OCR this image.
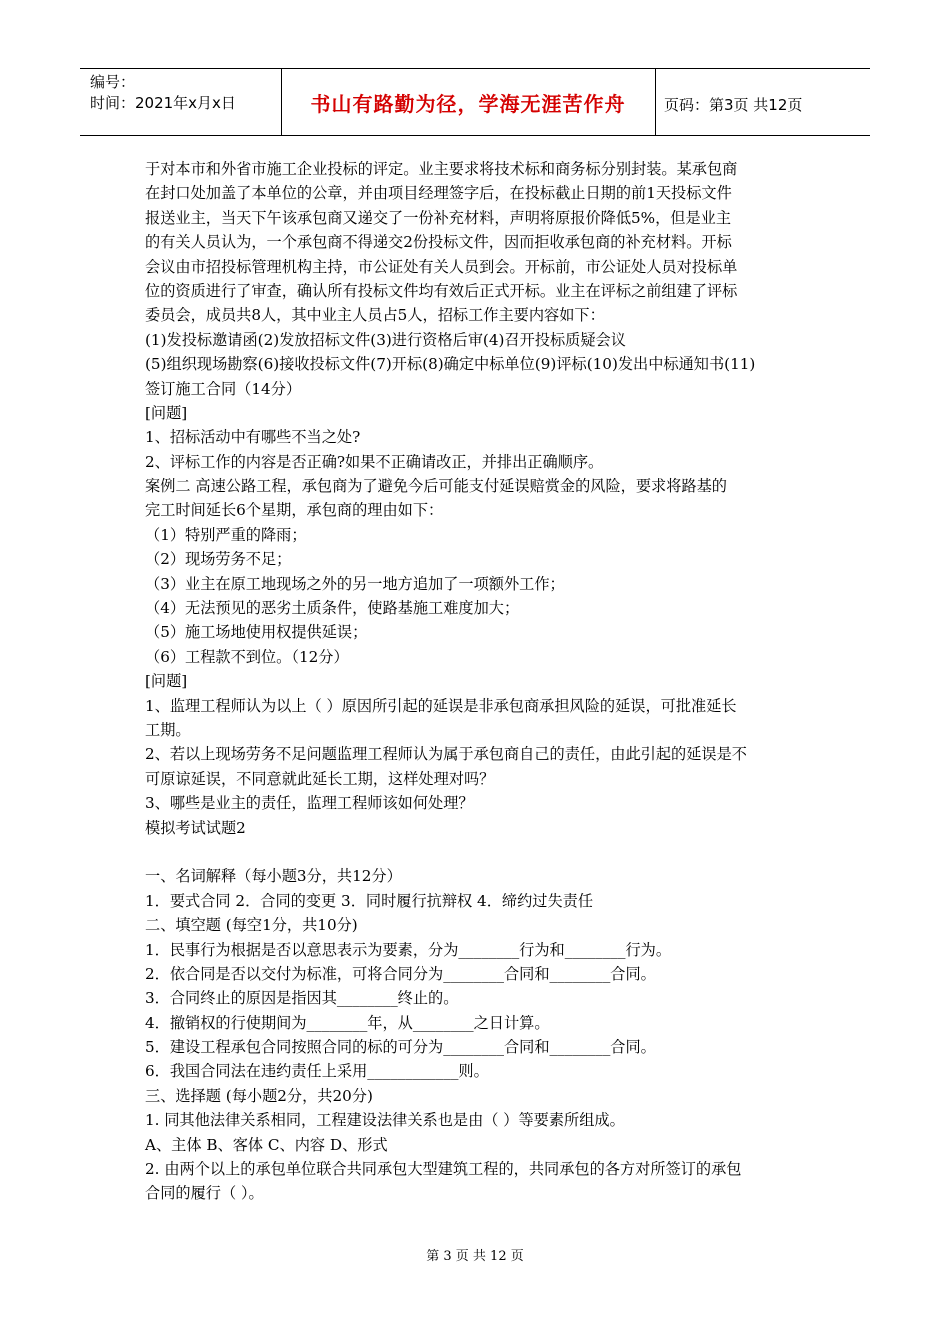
编号：
时间：2021年x月x日	书山有路勤为径，学海无涯苦作舟	页码：第3页 共12页
于对本市和外省市施工企业投标的评定。业主要求将技术标和商务标分别封装。某承包商
在封口处加盖了本单位的公章，并由项目经理签字后，在投标截止日期的前1天投标文件
报送业主，当天下午该承包商又递交了一份补充材料，声明将原报价降低5%，但是业主
的有关人员认为，一个承包商不得递交2份投标文件，因而拒收承包商的补充材料。开标
会议由市招投标管理机构主持，市公证处有关人员到会。开标前，市公证处人员对投标单
位的资质进行了审查，确认所有投标文件均有效后正式开标。业主在评标之前组建了评标
委员会，成员共8人，其中业主人员占5人，招标工作主要内容如下：
(1)发投标邀请函(2)发放招标文件(3)进行资格后审(4)召开投标质疑会议
(5)组织现场勘察(6)接收投标文件(7)开标(8)确定中标单位(9)评标(10)发出中标通知书(11)
签订施工合同（14分）
[问题]
1、招标活动中有哪些不当之处?
2、评标工作的内容是否正确?如果不正确请改正，并排出正确顺序。
案例二 高速公路工程，承包商为了避免今后可能支付延误赔赏金的风险，要求将路基的
完工时间延长6个星期，承包商的理由如下：
（1）特别严重的降雨；
（2）现场劳务不足；
（3）业主在原工地现场之外的另一地方追加了一项额外工作；
（4）无法预见的恶劣土质条件，使路基施工难度加大；
（5）施工场地使用权提供延误；
（6）工程款不到位。（12分）
[问题]
1、监理工程师认为以上（ ）原因所引起的延误是非承包商承担风险的延误，可批准延长
工期。
2、若以上现场劳务不足问题监理工程师认为属于承包商自己的责任，由此引起的延误是不
可原谅延误，不同意就此延长工期，这样处理对吗？
3、哪些是业主的责任，监理工程师该如何处理？
模拟考试试题2
一、名词解释（每小题3分，共12分）
1．要式合同 2．合同的变更 3．同时履行抗辩权 4．缔约过失责任
二、填空题 (每空1分，共10分)
1．民事行为根据是否以意思表示为要素，分为________行为和________行为。
2．依合同是否以交付为标准，可将合同分为________合同和________合同。
3．合同终止的原因是指因其________终止的。
4．撤销权的行使期间为________年，从________之日计算。
5．建设工程承包合同按照合同的标的可分为________合同和________合同。
6．我国合同法在违约责任上采用____________则。
三、选择题 (每小题2分，共20分)
1. 同其他法律关系相同，工程建设法律关系也是由（ ）等要素所组成。
A、主体 B、客体 C、内容 D、形式
2. 由两个以上的承包单位联合共同承包大型建筑工程的，共同承包的各方对所签订的承包
合同的履行（ ）。
第 3 页 共 12 页
